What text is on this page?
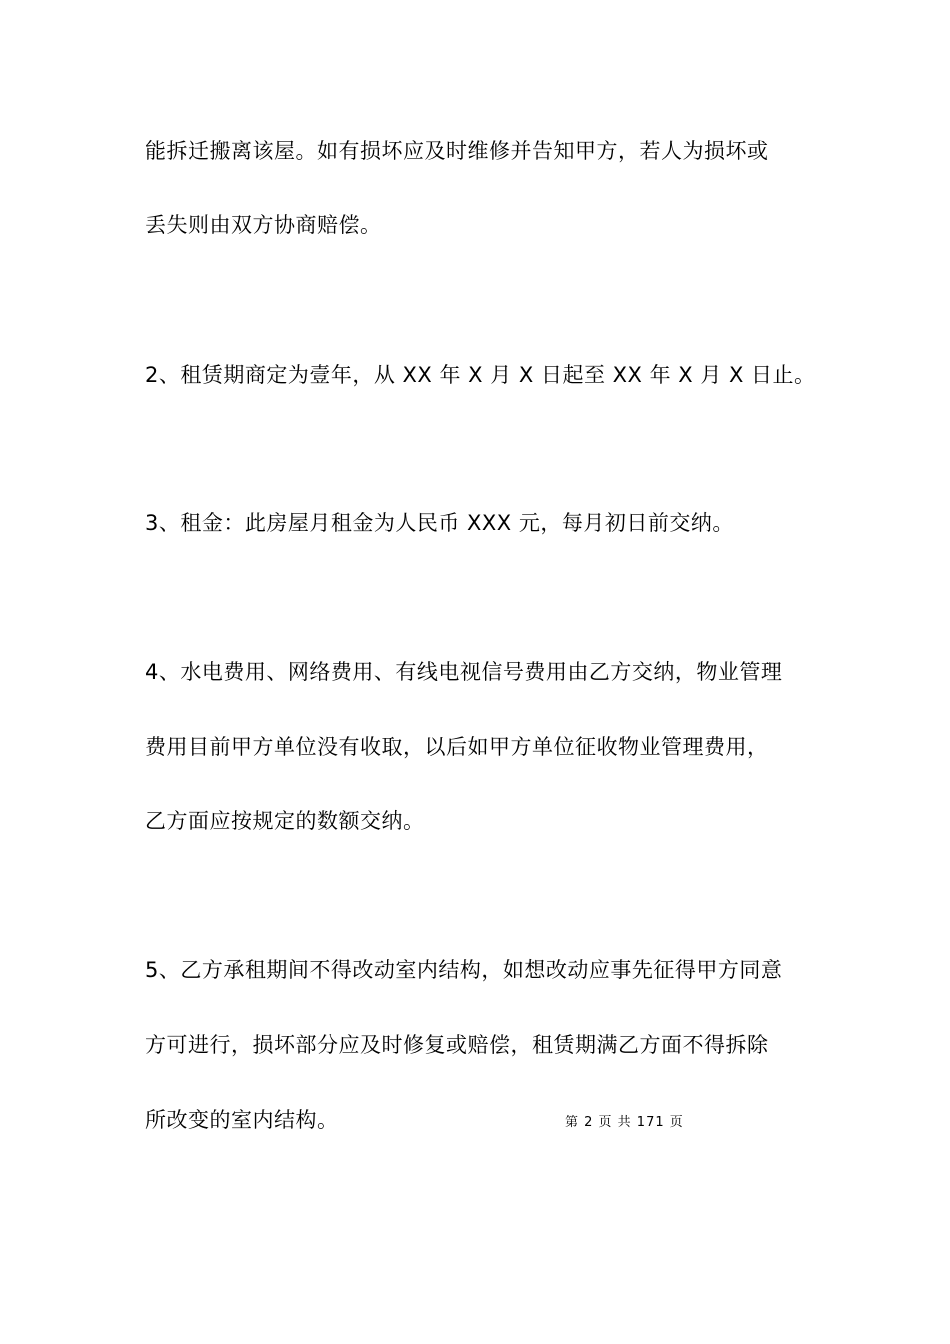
能拆迁搬离该屋。如有损坏应及时维修并告知甲方，若人为损坏或
丢失则由双方协商赔偿。
2、租赁期商定为壹年，从 XX 年 X 月 X 日起至 XX 年 X 月 X 日止。
3、租金：此房屋月租金为人民币 XXX 元，每月初日前交纳。
4、水电费用、网络费用、有线电视信号费用由乙方交纳，物业管理
费用目前甲方单位没有收取，以后如甲方单位征收物业管理费用，
乙方面应按规定的数额交纳。
5、乙方承租期间不得改动室内结构，如想改动应事先征得甲方同意
方可进行，损坏部分应及时修复或赔偿，租赁期满乙方面不得拆除
所改变的室内结构。	第 2 页 共 171 页
